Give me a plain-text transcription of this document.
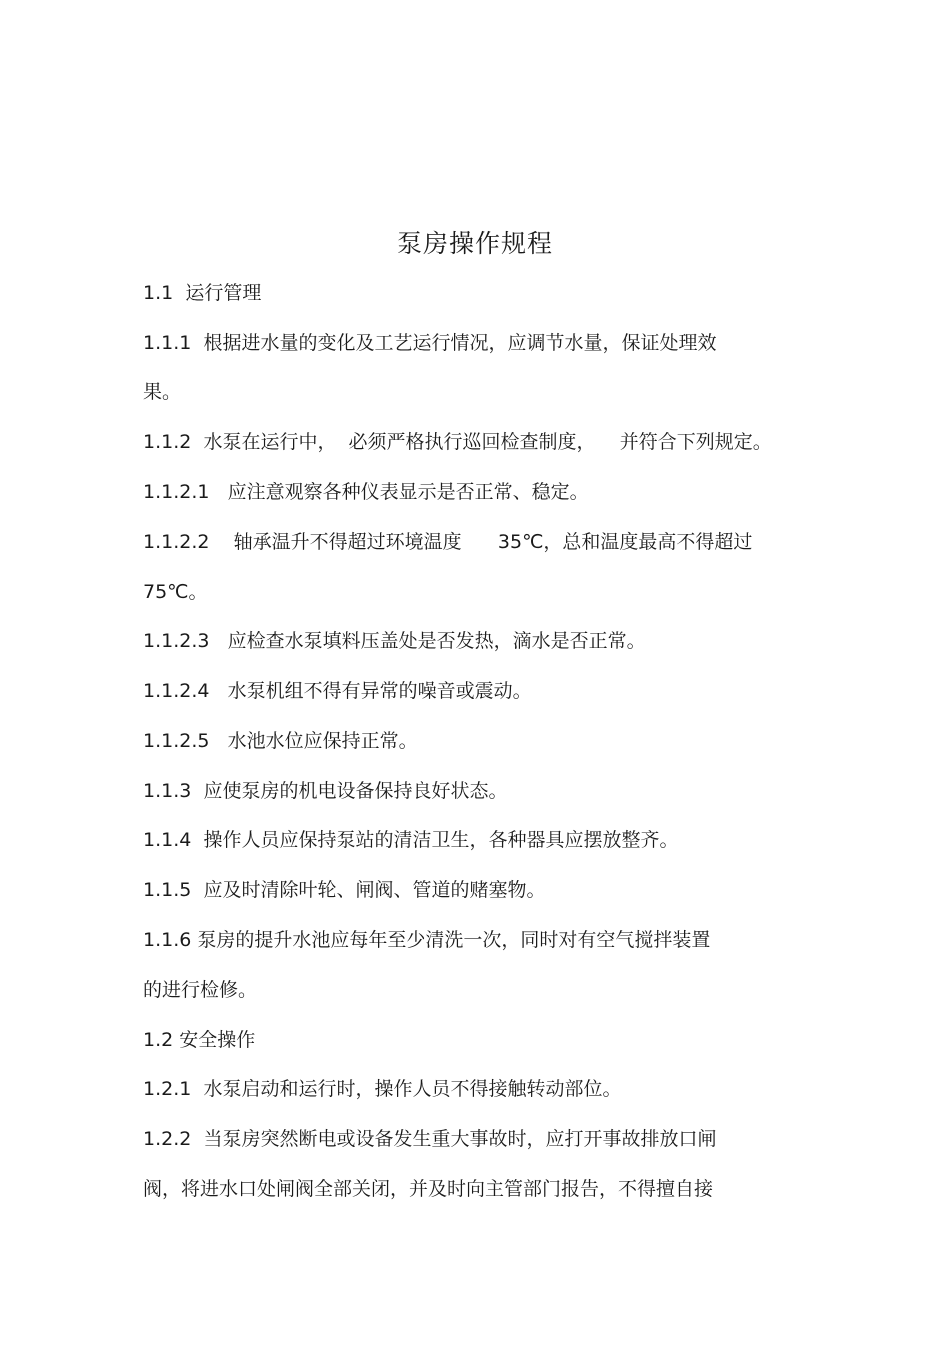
泵房操作规程

1.1 运行管理

1.1.1 根据进水量的变化及工艺运行情况，应调节水量，保证处理效

果。

1.1.2 水泵在运行中，  必须严格执行巡回检查制度，    并符合下列规定。

1.1.2.1 应注意观察各种仪表显示是否正常、稳定。

1.1.2.2    轴承温升不得超过环境温度      35℃，总和温度最高不得超过

75℃。

1.1.2.3 应检查水泵填料压盖处是否发热，滴水是否正常。

1.1.2.4 水泵机组不得有异常的噪音或震动。

1.1.2.5 水池水位应保持正常。

1.1.3 应使泵房的机电设备保持良好状态。

1.1.4 操作人员应保持泵站的清洁卫生，各种器具应摆放整齐。

1.1.5 应及时清除叶轮、闸阀、管道的赌塞物。

1.1.6 泵房的提升水池应每年至少清洗一次，同时对有空气搅拌装置

的进行检修。

1.2 安全操作

1.2.1 水泵启动和运行时，操作人员不得接触转动部位。

1.2.2 当泵房突然断电或设备发生重大事故时，应打开事故排放口闸

阀，将进水口处闸阀全部关闭，并及时向主管部门报告，不得擅自接
